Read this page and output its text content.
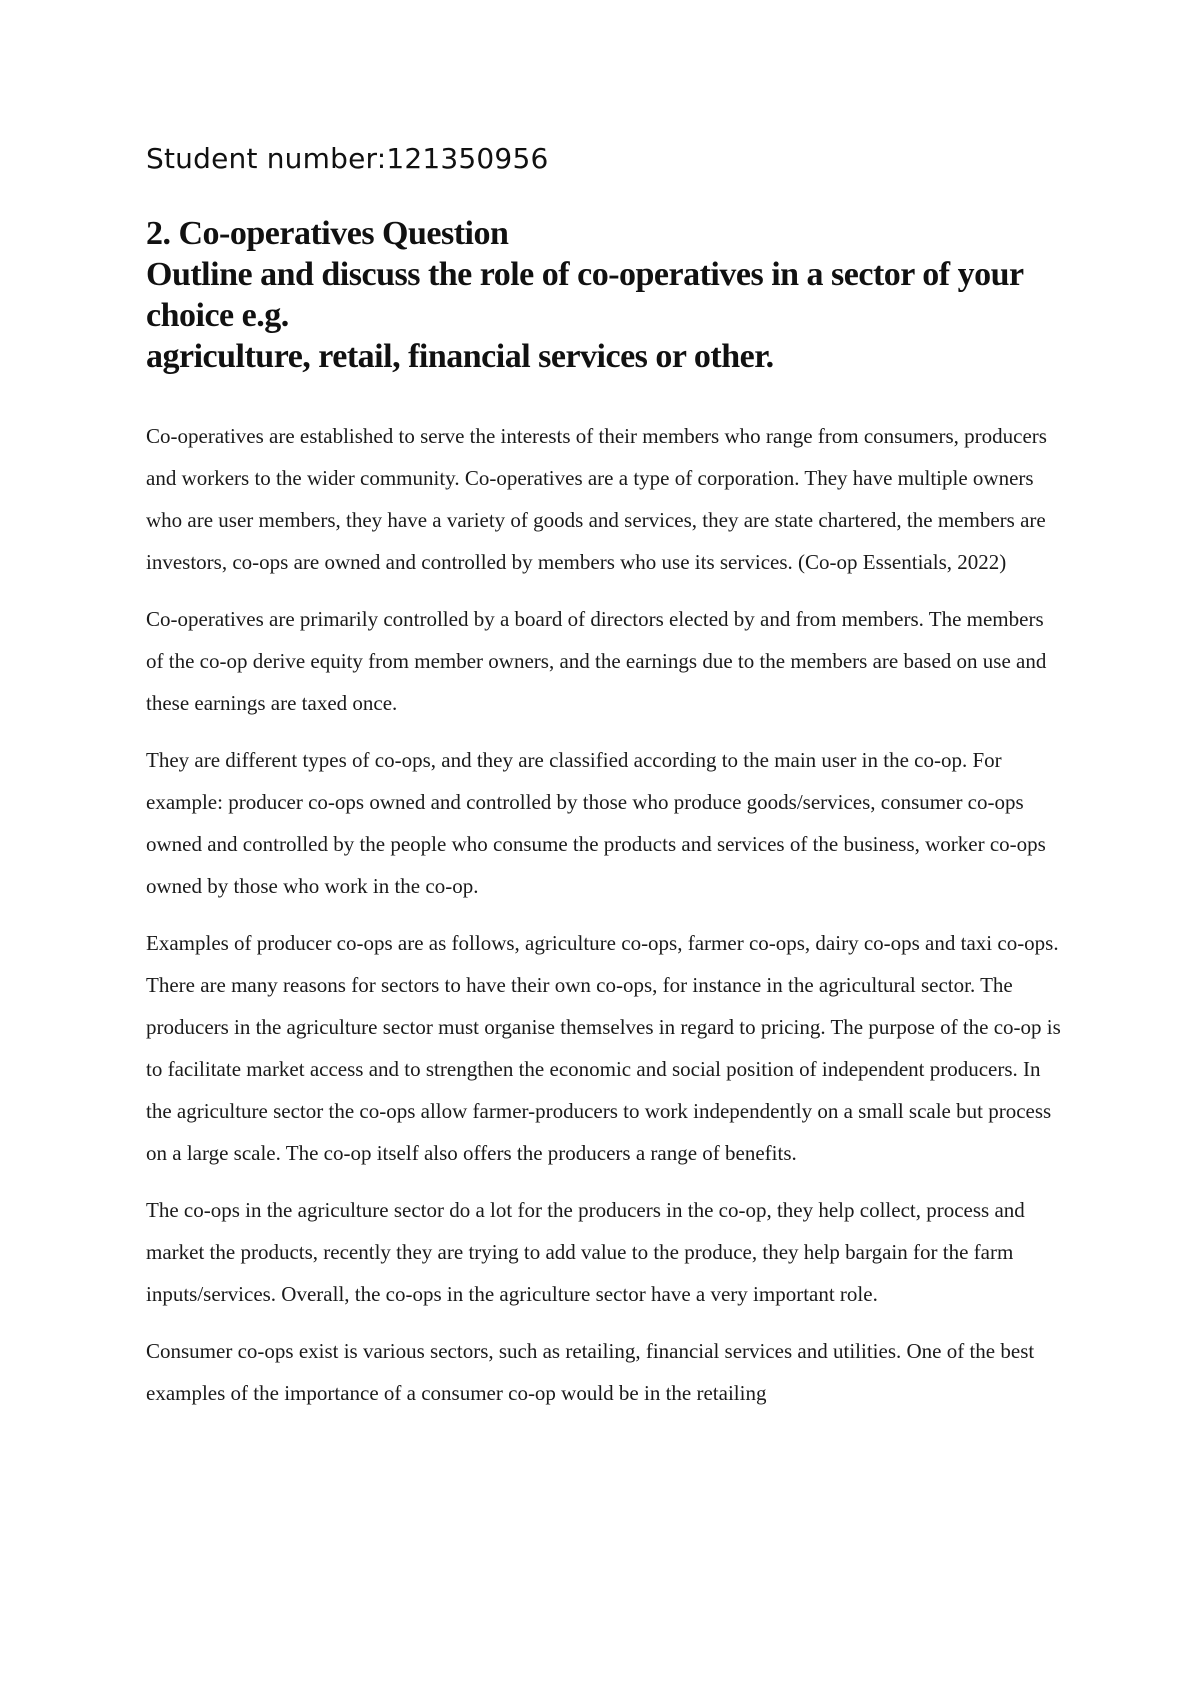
Student number:121350956

2. Co-operatives Question
Outline and discuss the role of co-operatives in a sector of your
choice e.g.
agriculture, retail, financial services or other.

Co-operatives are established to serve the interests of their members who range from consumers, producers and workers to the wider community. Co-operatives are a type of corporation. They have multiple owners who are user members, they have a variety of goods and services, they are state chartered, the members are investors, co-ops are owned and controlled by members who use its services. (Co-op Essentials, 2022)

Co-operatives are primarily controlled by a board of directors elected by and from members. The members of the co-op derive equity from member owners, and the earnings due to the members are based on use and these earnings are taxed once.

They are different types of co-ops, and they are classified according to the main user in the co-op. For example: producer co-ops owned and controlled by those who produce goods/services, consumer co-ops owned and controlled by the people who consume the products and services of the business, worker co-ops owned by those who work in the co-op.

Examples of producer co-ops are as follows, agriculture co-ops, farmer co-ops, dairy co-ops and taxi co-ops. There are many reasons for sectors to have their own co-ops, for instance in the agricultural sector. The producers in the agriculture sector must organise themselves in regard to pricing. The purpose of the co-op is to facilitate market access and to strengthen the economic and social position of independent producers. In the agriculture sector the co-ops allow farmer-producers to work independently on a small scale but process on a large scale. The co-op itself also offers the producers a range of benefits.

The co-ops in the agriculture sector do a lot for the producers in the co-op, they help collect, process and market the products, recently they are trying to add value to the produce, they help bargain for the farm inputs/services. Overall, the co-ops in the agriculture sector have a very important role.

Consumer co-ops exist is various sectors, such as retailing, financial services and utilities. One of the best examples of the importance of a consumer co-op would be in the retailing
